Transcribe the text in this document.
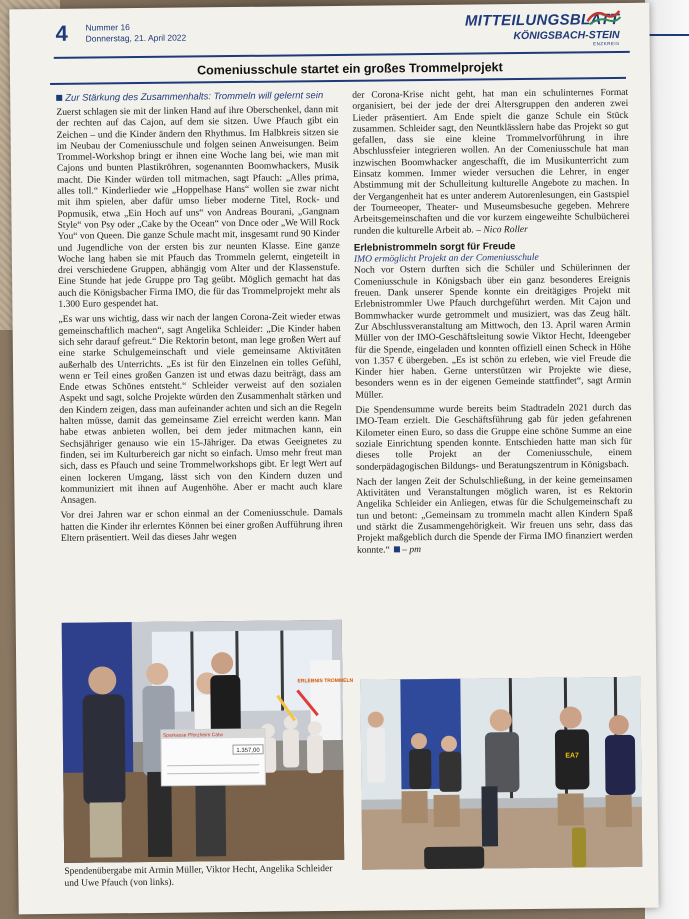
4 Nummer 16
Donnerstag, 21. April 2022
MITTEILUNGSBLATT
KÖNIGSBACH-STEIN
ENZKREIS
Comeniusschule startet ein großes Trommelprojekt
Zur Stärkung des Zusammenhalts: Trommeln will gelernt sein

Zuerst schlagen sie mit der linken Hand auf ihre Oberschenkel, dann mit der rechten auf das Cajon, auf dem sie sitzen. Uwe Pfauch gibt ein Zeichen – und die Kinder ändern den Rhythmus. Im Halbkreis sitzen sie im Neubau der Comeniusschule und folgen seinen Anweisungen. Beim Trommel-Workshop bringt er ihnen eine Woche lang bei, wie man mit Cajons und bunten Plastikröhren, sogenannten Boomwhackers, Musik macht. Die Kinder würden toll mitmachen, sagt Pfauch: „Alles prima, alles toll.“ Kinderlieder wie „Hoppelhase Hans“ wollen sie zwar nicht mit ihm spielen, aber dafür umso lieber moderne Titel, Rock- und Popmusik, etwa „Ein Hoch auf uns“ von Andreas Bourani, „Gangnam Style“ von Psy oder „Cake by the Ocean“ von Dnce oder „We Will Rock You“ von Queen. Die ganze Schule macht mit, insgesamt rund 90 Kinder und Jugendliche von der ersten bis zur neunten Klasse. Eine ganze Woche lang haben sie mit Pfauch das Trommeln gelernt, eingeteilt in drei verschiedene Gruppen, abhängig vom Alter und der Klassenstufe. Eine Stunde hat jede Gruppe pro Tag geübt. Möglich gemacht hat das auch die Königsbacher Firma IMO, die für das Trommelprojekt mehr als 1.300 Euro gespendet hat.

„Es war uns wichtig, dass wir nach der langen Corona-Zeit wieder etwas gemeinschaftlich machen“, sagt Angelika Schleider: „Die Kinder haben sich sehr darauf gefreut.“ Die Rektorin betont, man lege großen Wert auf eine starke Schulgemeinschaft und viele gemeinsame Aktivitäten außerhalb des Unterrichts. „Es ist für den Einzelnen ein tolles Gefühl, wenn er Teil eines großen Ganzen ist und etwas dazu beiträgt, dass am Ende etwas Schönes entsteht.“ Schleider verweist auf den sozialen Aspekt und sagt, solche Projekte würden den Zusammenhalt stärken und den Kindern zeigen, dass man aufeinander achten und sich an die Regeln halten müsse, damit das gemeinsame Ziel erreicht werden kann. Man habe etwas anbieten wollen, bei dem jeder mitmachen kann, ein Sechsjähriger genauso wie ein 15-Jähriger. Da etwas Geeignetes zu finden, sei im Kulturbereich gar nicht so einfach. Umso mehr freut man sich, dass es Pfauch und seine Trommelworkshops gibt. Er legt Wert auf einen lockeren Umgang, lässt sich von den Kindern duzen und kommuniziert mit ihnen auf Augenhöhe. Aber er macht auch klare Ansagen.

Vor drei Jahren war er schon einmal an der Comeniusschule. Damals hatten die Kinder ihr erlerntes Können bei einer großen Aufführung ihren Eltern präsentiert. Weil das dieses Jahr wegen

der Corona-Krise nicht geht, hat man ein schulinternes Format organisiert, bei der jede der drei Altersgruppen den anderen zwei Lieder präsentiert. Am Ende spielt die ganze Schule ein Stück zusammen. Schleider sagt, den Neuntklässlern habe das Projekt so gut gefallen, dass sie eine kleine Trommelvorführung in ihre Abschlussfeier integrieren wollen. An der Comeniusschule hat man inzwischen Boomwhacker angeschafft, die im Musikunterricht zum Einsatz kommen. Immer wieder versuchen die Lehrer, in enger Abstimmung mit der Schulleitung kulturelle Angebote zu machen. In der Vergangenheit hat es unter anderem Autorenlesungen, ein Gastspiel der Tourneeoper, Theater- und Museumsbesuche gegeben. Mehrere Arbeitsgemeinschaften und die vor kurzem eingeweihte Schulbücherei runden die kulturelle Arbeit ab. – Nico Roller

Erlebnistrommeln sorgt für Freude
IMO ermöglicht Projekt an der Comeniusschule

Noch vor Ostern durften sich die Schüler und Schülerinnen der Comeniusschule in Königsbach über ein ganz besonderes Ereignis freuen. Dank unserer Spende konnte ein dreitägiges Projekt mit Erlebnistrommler Uwe Pfauch durchgeführt werden. Mit Cajon und Bommwhacker wurde getrommelt und musiziert, was das Zeug hält. Zur Abschlussveranstaltung am Mittwoch, den 13. April waren Armin Müller von der IMO-Geschäftsleitung sowie Viktor Hecht, Ideengeber für die Spende, eingeladen und konnten offiziell einen Scheck in Höhe von 1.357 € übergeben. „Es ist schön zu erleben, wie viel Freude die Kinder hier haben. Gerne unterstützen wir Projekte wie diese, besonders wenn es in der eigenen Gemeinde stattfindet“, sagt Armin Müller.

Die Spendensumme wurde bereits beim Stadtradeln 2021 durch das IMO-Team erzielt. Die Geschäftsführung gab für jeden gefahrenen Kilometer einen Euro, so dass die Gruppe eine schöne Summe an eine soziale Einrichtung spenden konnte. Entschieden hatte man sich für dieses tolle Projekt an der Comeniusschule, einem sonderpädagogischen Bildungs- und Beratungszentrum in Königsbach.

Nach der langen Zeit der Schulschließung, in der keine gemeinsamen Aktivitäten und Veranstaltungen möglich waren, ist es Rektorin Angelika Schleider ein Anliegen, etwas für die Schulgemeinschaft zu tun und betont: „Gemeinsam zu trommeln macht allen Kindern Spaß und stärkt die Zusammengehörigkeit. Wir freuen uns sehr, dass das Projekt maßgeblich durch die Spende der Firma IMO finanziert werden konnte.“ – pm

ERLEBNIS TROMMELN
Sparkasse Pforzheim Calw
1.357,00
Spendenübergabe mit Armin Müller, Viktor Hecht, Angelika Schleider und Uwe Pfauch (von links).
EA7
